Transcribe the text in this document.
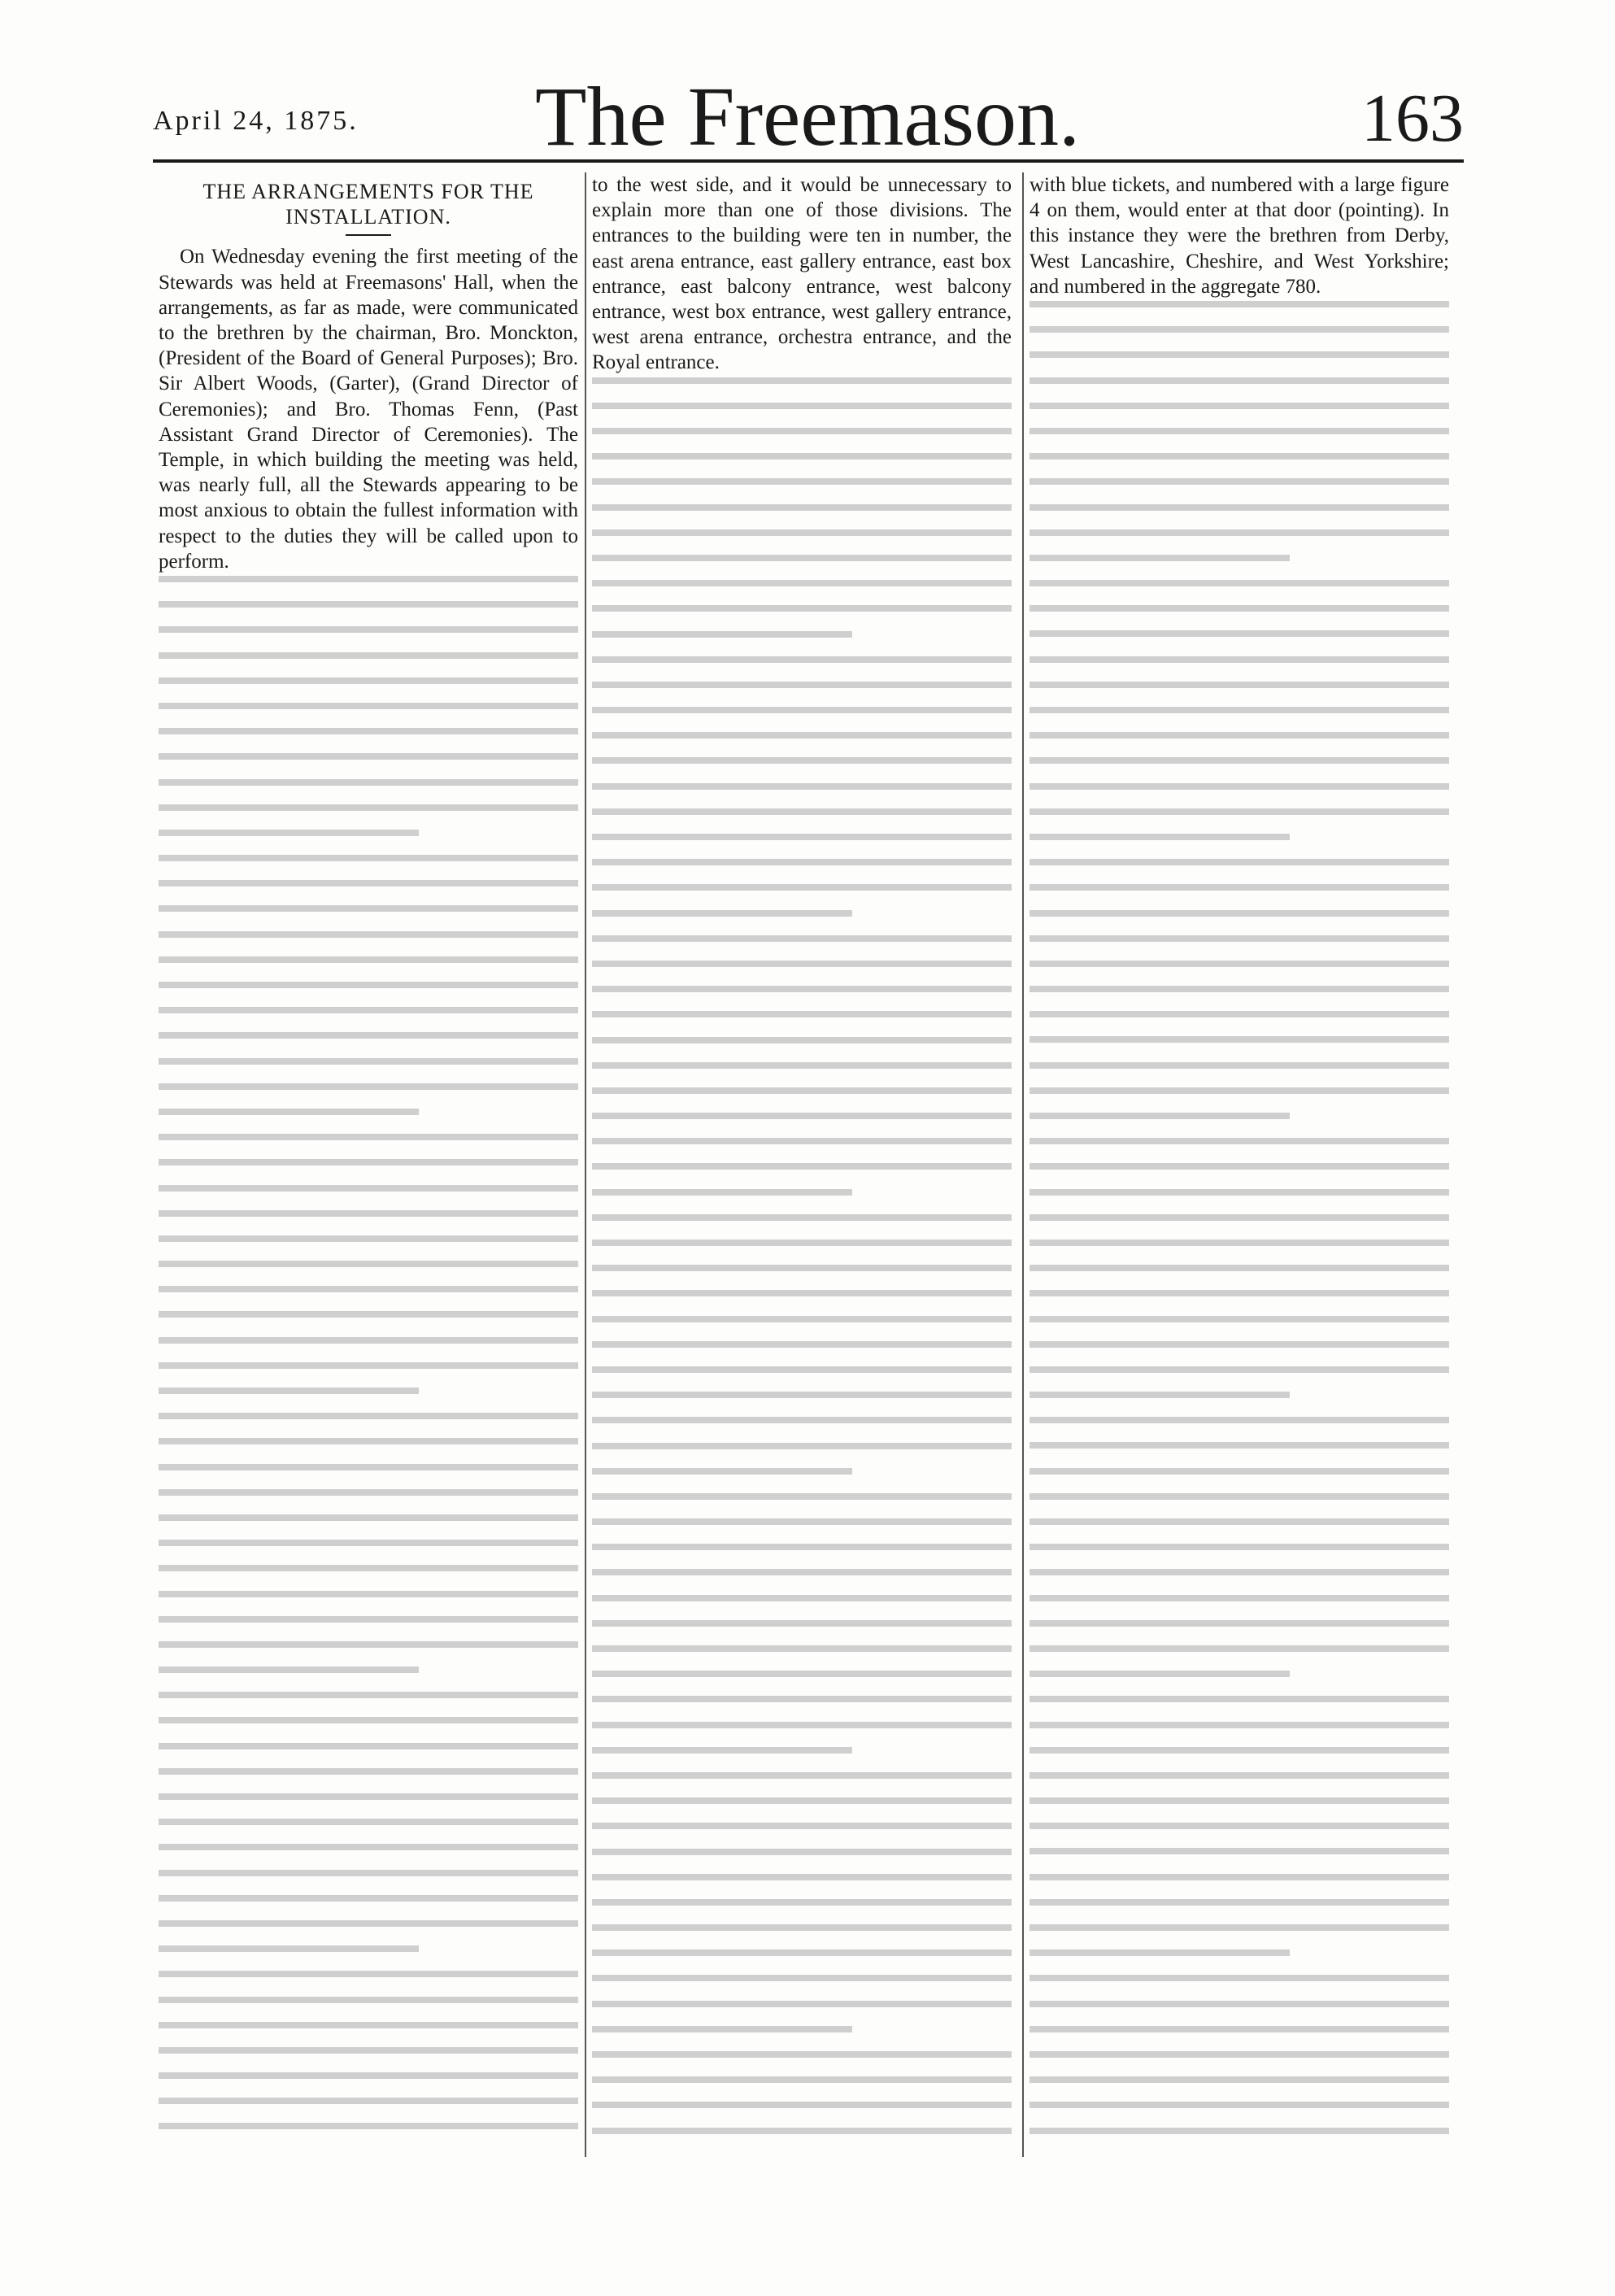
April 24, 1875.	The Freemason.	163
THE ARRANGEMENTS FOR THE INSTALLATION.

On Wednesday evening the first meeting of the Stewards was held at Freemasons' Hall, when the arrangements, as far as made, were communicated to the brethren by the chairman, Bro. Monckton, (President of the Board of General Purposes); Bro. Sir Albert Woods, (Garter), (Grand Director of Ceremonies); and Bro. Thomas Fenn, (Past Assistant Grand Director of Ceremonies). The Temple, in which building the meeting was held, was nearly full, all the Stewards appearing to be most anxious to obtain the fullest information with respect to the duties they will be called upon to perform.

to the west side, and it would be unnecessary to explain more than one of those divisions. The entrances to the building were ten in number, the east arena entrance, east gallery entrance, east box entrance, east balcony entrance, west balcony entrance, west box entrance, west gallery entrance, west arena entrance, orchestra entrance, and the Royal entrance.

with blue tickets, and numbered with a large figure 4 on them, would enter at that door (pointing). In this instance they were the brethren from Derby, West Lancashire, Cheshire, and West Yorkshire; and numbered in the aggregate 780.
